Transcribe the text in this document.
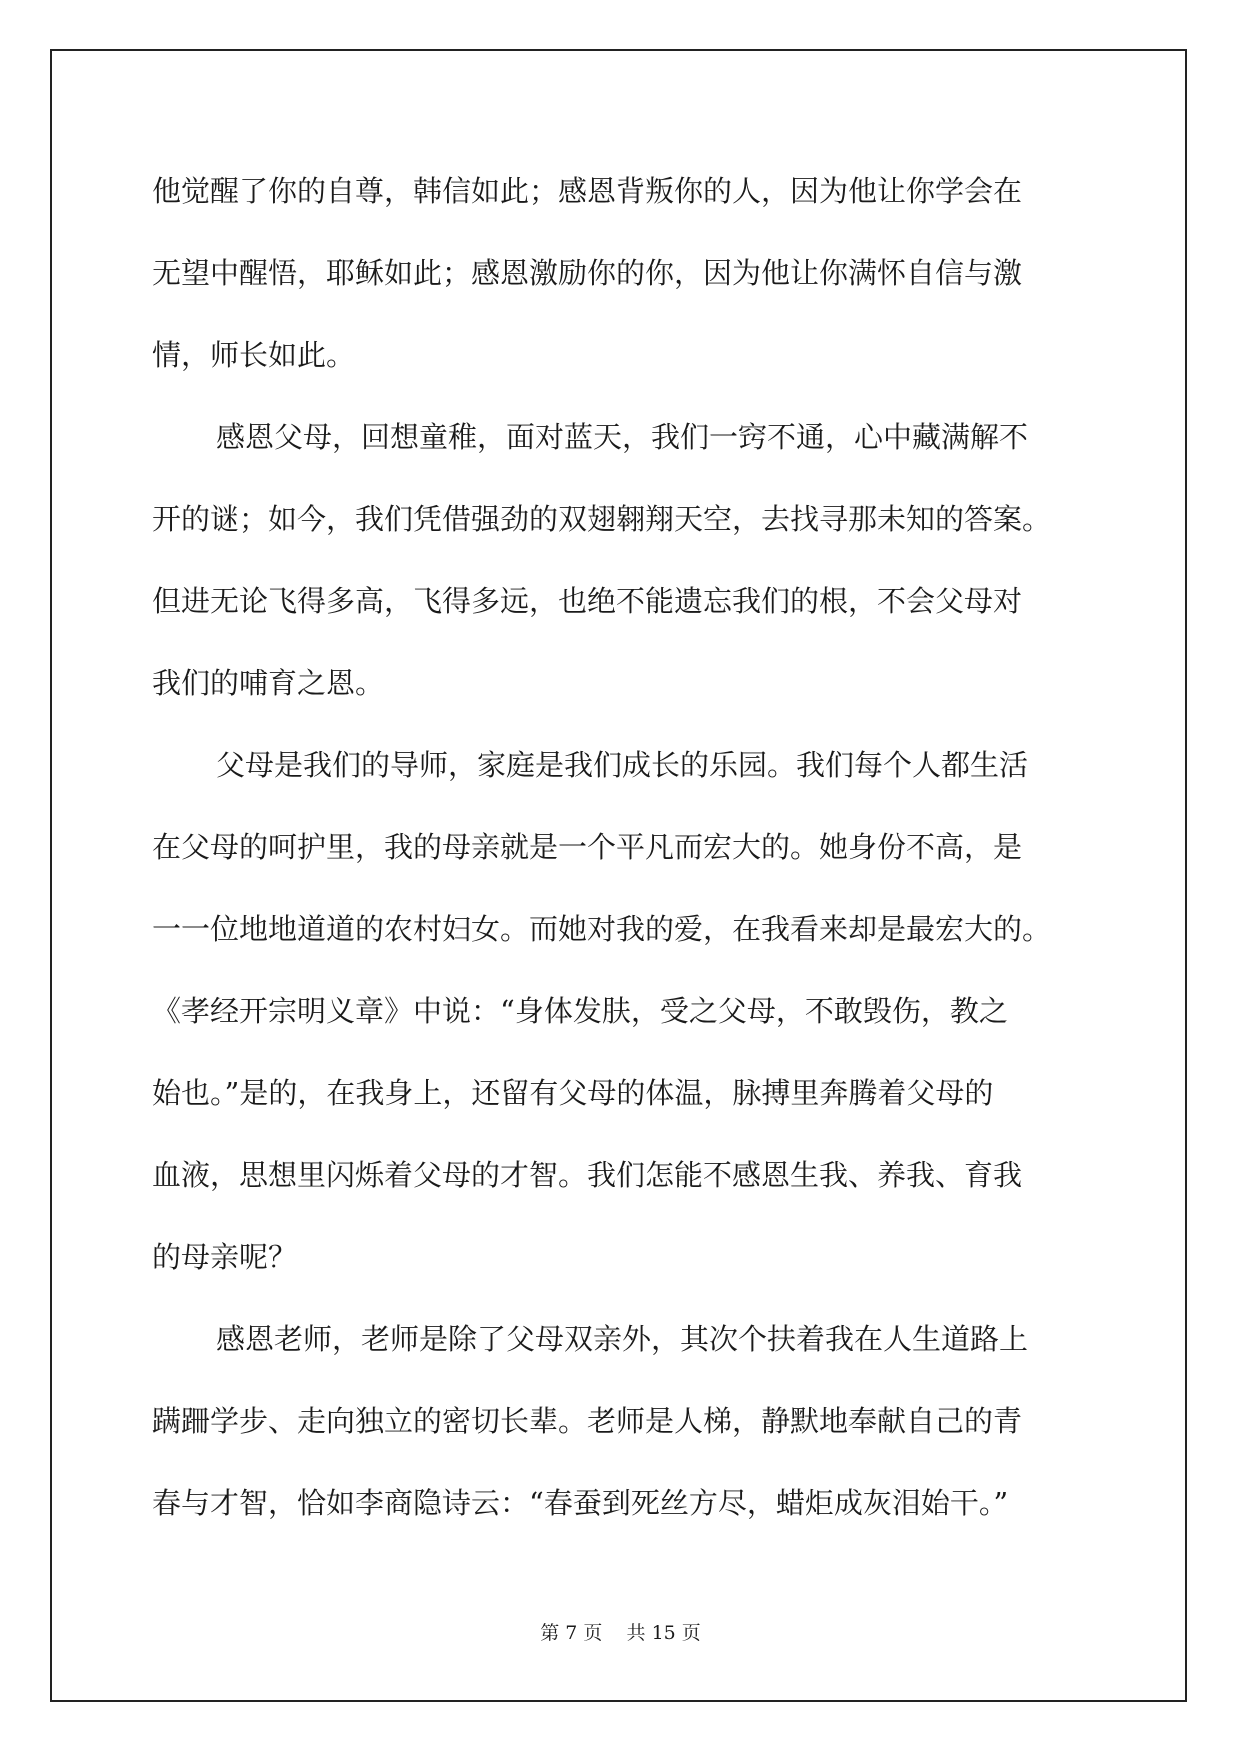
他觉醒了你的自尊，韩信如此；感恩背叛你的人，因为他让你学会在
无望中醒悟，耶稣如此；感恩激励你的你，因为他让你满怀自信与激
情，师长如此。
感恩父母，回想童稚，面对蓝天，我们一窍不通，心中藏满解不
开的谜；如今，我们凭借强劲的双翅翱翔天空，去找寻那未知的答案。
但进无论飞得多高，飞得多远，也绝不能遗忘我们的根，不会父母对
我们的哺育之恩。
父母是我们的导师，家庭是我们成长的乐园。我们每个人都生活
在父母的呵护里，我的母亲就是一个平凡而宏大的。她身份不高，是
一一位地地道道的农村妇女。而她对我的爱，在我看来却是最宏大的。
《孝经开宗明义章》中说：“身体发肤，受之父母，不敢毁伤，教之
始也。”是的，在我身上，还留有父母的体温，脉搏里奔腾着父母的
血液，思想里闪烁着父母的才智。我们怎能不感恩生我、养我、育我
的母亲呢？
感恩老师，老师是除了父母双亲外，其次个扶着我在人生道路上
蹒跚学步、走向独立的密切长辈。老师是人梯，静默地奉献自己的青
春与才智，恰如李商隐诗云：“春蚕到死丝方尽，蜡炬成灰泪始干。”
第 7 页    共 15 页
